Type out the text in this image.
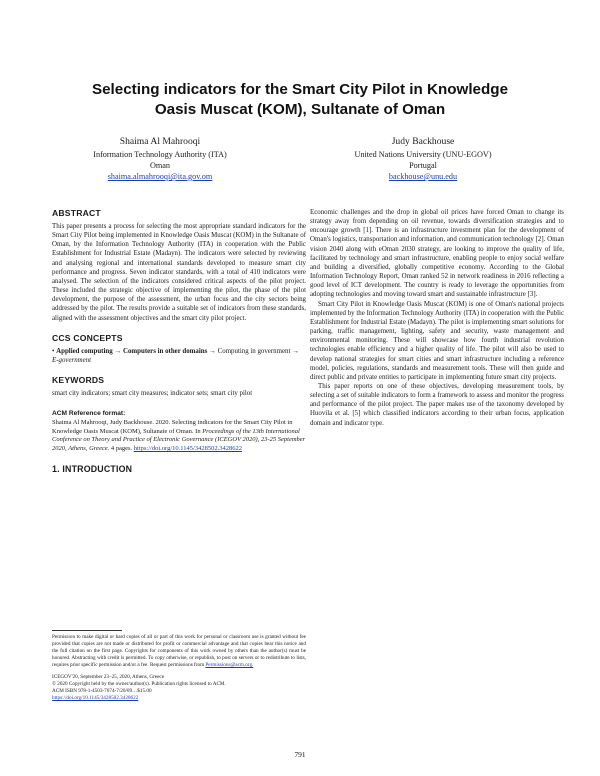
Selecting indicators for the Smart City Pilot in Knowledge
Oasis Muscat (KOM), Sultanate of Oman
Shaima Al Mahrooqi
Information Technology Authority (ITA)
Oman
shaima.almahrooqi@ita.gov.om
Judy Backhouse
United Nations University (UNU-EGOV)
Portugal
backhouse@unu.edu
ABSTRACT

This paper presents a process for selecting the most appropriate standard indicators for the Smart City Pilot being implemented in Knowledge Oasis Muscat (KOM) in the Sultanate of Oman, by the Information Technology Authority (ITA) in cooperation with the Public Establishment for Industrial Estate (Madayn). The indicators were selected by reviewing and analysing regional and international standards developed to measure smart city performance and progress. Seven indicator standards, with a total of 410 indicators were analysed. The selection of the indicators considered critical aspects of the pilot project. These included the strategic objective of implementing the pilot, the phase of the pilot development, the purpose of the assessment, the urban focus and the city sectors being addressed by the pilot. The results provide a suitable set of indicators from these standards, aligned with the assessment objectives and the smart city pilot project.

CCS CONCEPTS
• Applied computing → Computers in other domains → Computing in government → E-government
KEYWORDS

smart city indicators; smart city measures; indicator sets; smart city pilot

ACM Reference format:

Shaima Al Mahrooqi, Judy Backhouse. 2020. Selecting indicators for the Smart City Pilot in Knowledge Oasis Muscat (KOM), Sultanate of Oman. In Proceedings of the 13th International Conference on Theory and Practice of Electronic Governance (ICEGOV 2020), 23-25 September 2020, Athens, Greece. 4 pages. https://doi.org/10.1145/3428502.3428622

1. INTRODUCTION

Permission to make digital or hard copies of all or part of this work for personal or classroom use is granted without fee provided that copies are not made or distributed for profit or commercial advantage and that copies bear this notice and the full citation on the first page. Copyrights for components of this work owned by others than the author(s) must be honored. Abstracting with credit is permitted. To copy otherwise, or republish, to post on servers or to redistribute to lists, requires prior specific permission and/or a fee. Request permissions from Permissions@acm.org.

ICEGOV'20, September 23–25, 2020, Athens, Greece
© 2020 Copyright held by the owner/author(s). Publication rights licensed to ACM.
ACM ISBN 978-1-4503-7674-7/20/09…$15.00
https://doi.org/10.1145/3428502.3428622

Economic challenges and the drop in global oil prices have forced Oman to change its strategy away from depending on oil revenue, towards diversification strategies and to encourage growth [1]. There is an infrastructure investment plan for the development of Oman's logistics, transportation and information, and communication technology [2]. Oman vision 2040 along with eOman 2030 strategy, are looking to improve the quality of life, facilitated by technology and smart infrastructure, enabling people to enjoy social welfare and building a diversified, globally competitive economy. According to the Global Information Technology Report, Oman ranked 52 in network readiness in 2016 reflecting a good level of ICT development. The country is ready to leverage the opportunities from adopting technologies and moving toward smart and sustainable infrastructure [3].

Smart City Pilot in Knowledge Oasis Muscat (KOM) is one of Oman's national projects implemented by the Information Technology Authority (ITA) in cooperation with the Public Establishment for Industrial Estate (Madayn). The pilot is implementing smart solutions for parking, traffic management, lighting, safety and security, waste management and environmental monitoring. These will showcase how fourth industrial revolution technologies enable efficiency and a higher quality of life. The pilot will also be used to develop national strategies for smart cities and smart infrastructure including a reference model, policies, regulations, standards and measurement tools. These will then guide and direct public and private entities to participate in implementing future smart city projects.

This paper reports on one of these objectives, developing measurement tools, by selecting a set of suitable indicators to form a framework to assess and monitor the progress and performance of the pilot project. The paper makes use of the taxonomy developed by Huovila et al. [5] which classified indicators according to their urban focus, application domain and indicator type.

791
